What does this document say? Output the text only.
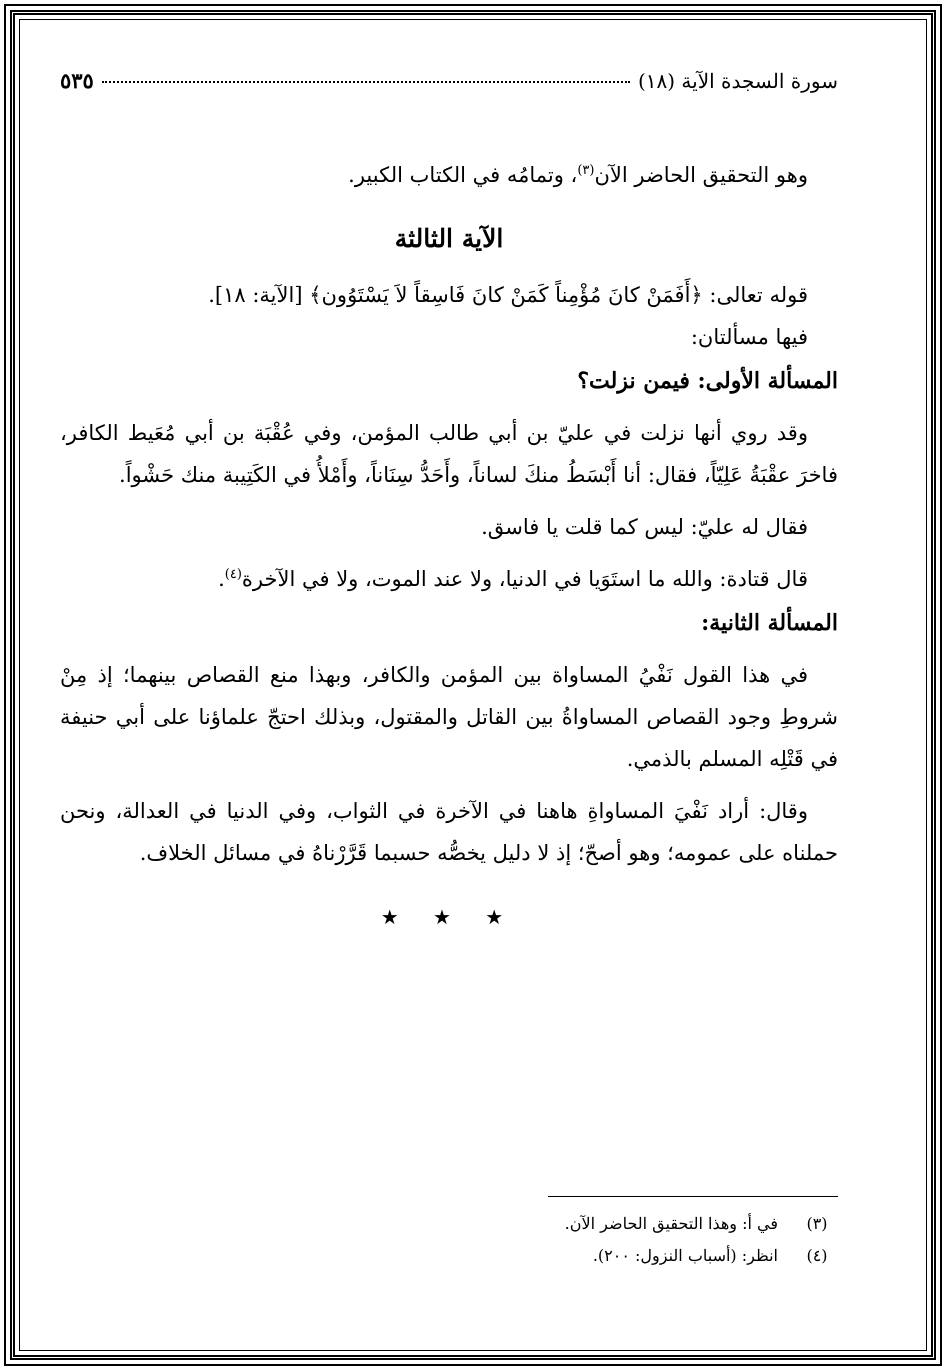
سورة السجدة الآية (١٨)
٥٣٥

وهو التحقيق الحاضر الآن$^{(٣)}$، وتمامُه في الكتاب الكبير.

الآية الثالثة

قوله تعالى: ﴿أَفَمَنْ كانَ مُؤْمِناً كَمَنْ كانَ فَاسِقاً لاَ يَسْتَوُون﴾ [الآية: ١٨].

فيها مسألتان:

المسألة الأولى: فيمن نزلت؟

وقد روي أنها نزلت في عليّ بن أبي طالب المؤمن، وفي عُقْبَة بن أبي مُعَيط الكافر، فاخرَ عقْبَةُ عَلِيّاً، فقال: أنا أَبْسَطُ منكَ لساناً، وأَحَدُّ سِنَاناً، وأَمْلأُ في الكَتِيبة منك حَشْواً.

فقال له عليّ: ليس كما قلت يا فاسق.

قال قتادة: والله ما استَوَيا في الدنيا، ولا عند الموت، ولا في الآخرة$^{(٤)}$.

المسألة الثانية:

في هذا القول نَفْيُ المساواة بين المؤمن والكافر، وبهذا منع القصاص بينهما؛ إذ مِنْ شروطِ وجود القصاص المساواةُ بين القاتل والمقتول، وبذلك احتجّ علماؤنا على أبي حنيفة في قَتْلِه المسلم بالذمي.

وقال: أراد نَفْيَ المساواةِ هاهنا في الآخرة في الثواب، وفي الدنيا في العدالة، ونحن حملناه على عمومه؛ وهو أصحّ؛ إذ لا دليل يخصُّه حسبما قَرَّرْناهُ في مسائل الخلاف.

★ ★ ★

(٣)
في أ: وهذا التحقيق الحاضر الآن.
(٤)
انظر: (أسباب النزول: ٢٠٠).
